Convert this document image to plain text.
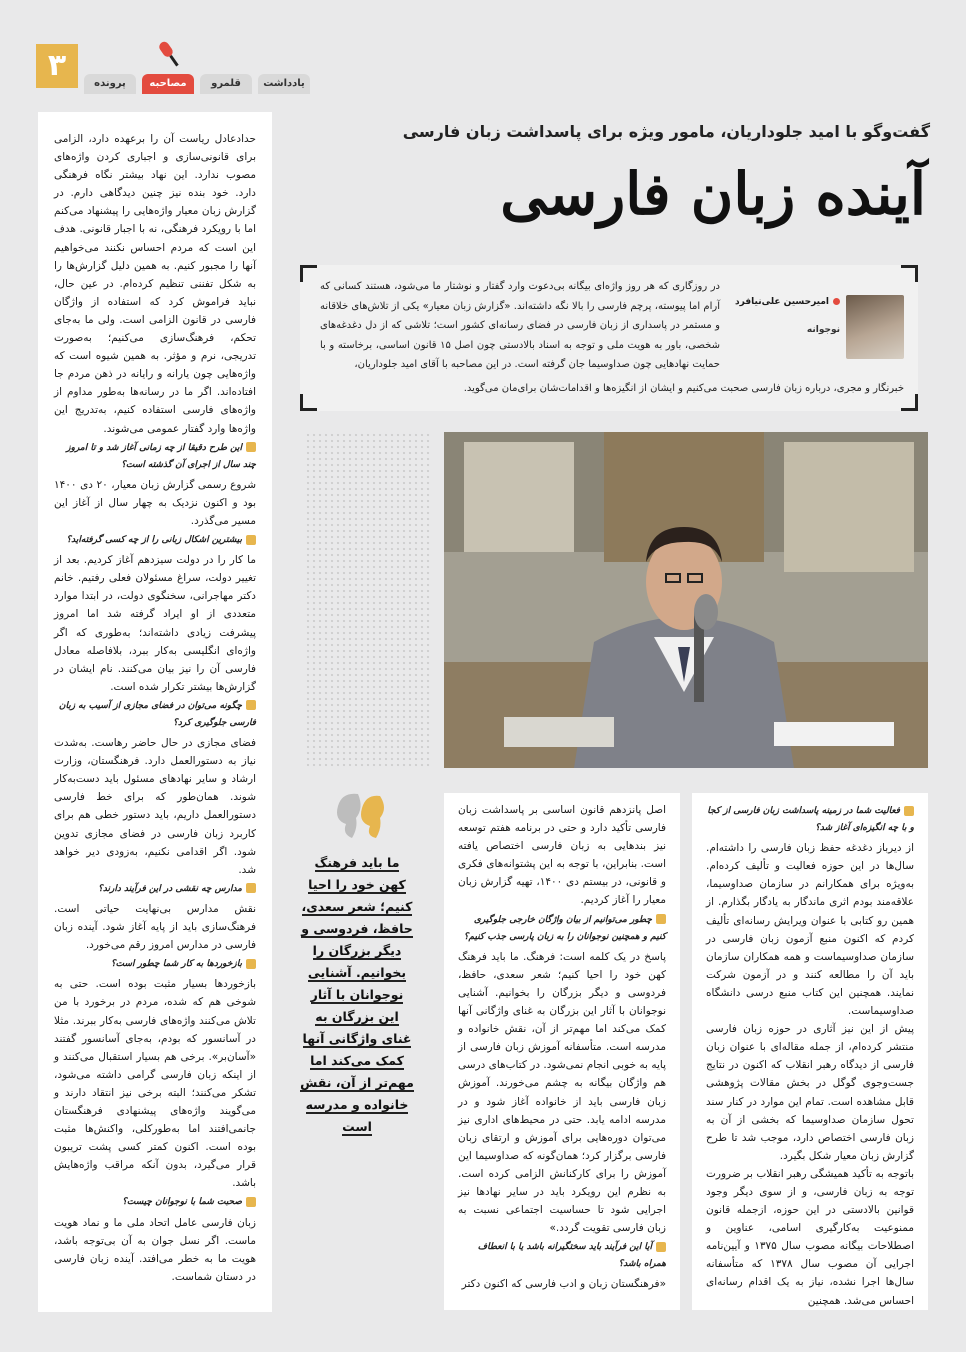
۳
یادداشت
قلمرو
مصاحبه
پرونده

حدادعادل ریاست آن را برعهده دارد، الزامی برای قانونی‌سازی و اجباری کردن واژه‌های مصوب ندارد. این نهاد بیشتر نگاه فرهنگی دارد. خود بنده نیز چنین دیدگاهی دارم. در گزارش زبان معیار واژه‌هایی را پیشنهاد می‌کنم اما با رویکرد فرهنگی، نه با اجبار قانونی. هدف این است که مردم احساس نکنند می‌خواهیم آنها را مجبور کنیم. به همین دلیل گزارش‌ها را به شکل تفننی تنظیم کرده‌ام. در عین حال، نباید فراموش کرد که استفاده از واژگان فارسی در قانون الزامی است. ولی ما به‌جای تحکم، فرهنگ‌سازی می‌کنیم؛ به‌صورت تدریجی، نرم و مؤثر. به همین شیوه است که واژه‌هایی چون یارانه و رایانه در ذهن مردم جا افتاده‌اند. اگر ما در رسانه‌ها به‌طور مداوم از واژه‌های فارسی استفاده کنیم، به‌تدریج این واژه‌ها وارد گفتار عمومی می‌شوند.

این طرح دقیقا از چه زمانی آغاز شد و تا امروز چند سال از اجرای آن گذشته است؟

شروع رسمی گزارش زبان معیار، ۲۰ دی ۱۴۰۰ بود و اکنون نزدیک به چهار سال از آغاز این مسیر می‌گذرد.

بیشترین اشکال زبانی را از چه کسی گرفته‌اید؟

ما کار را در دولت سیزدهم آغاز کردیم. بعد از تغییر دولت، سراغ مسئولان فعلی رفتیم. خانم دکتر مهاجرانی، سخنگوی دولت، در ابتدا موارد متعددی از او ایراد گرفته شد اما امروز پیشرفت زیادی داشته‌اند؛ به‌طوری که اگر واژه‌ای انگلیسی به‌کار ببرد، بلافاصله معادل فارسی آن را نیز بیان می‌کنند. نام ایشان در گزارش‌ها بیشتر تکرار شده است.

چگونه می‌توان در فضای مجازی از آسیب به زبان فارسی جلوگیری کرد؟

فضای مجازی در حال حاضر رهاست. به‌شدت نیاز به دستورالعمل دارد. فرهنگستان، وزارت ارشاد و سایر نهادهای مسئول باید دست‌به‌کار شوند. همان‌طور که برای خط فارسی دستورالعمل داریم، باید دستور خطی هم برای کاربرد زبان فارسی در فضای مجازی تدوین شود. اگر اقدامی نکنیم، به‌زودی دیر خواهد شد.

مدارس چه نقشی در این فرآیند دارند؟

نقش مدارس بی‌نهایت حیاتی است. فرهنگ‌سازی باید از پایه آغاز شود. آینده زبان فارسی در مدارس امروز رقم می‌خورد.

بازخوردها به کار شما چطور است؟

بازخوردها بسیار مثبت بوده است. حتی به شوخی هم که شده، مردم در برخورد با من تلاش می‌کنند واژه‌های فارسی به‌کار ببرند. مثلا در آسانسور که بودم، به‌جای آسانسور گفتند «آسان‌بر». برخی هم بسیار استقبال می‌کنند و از اینکه زبان فارسی گرامی داشته می‌شود، تشکر می‌کنند؛ البته برخی نیز انتقاد دارند و می‌گویند واژه‌های پیشنهادی فرهنگستان جانمی‌افتند اما به‌طورکلی، واکنش‌ها مثبت بوده است. اکنون کمتر کسی پشت تریبون قرار می‌گیرد، بدون آنکه مراقب واژه‌هایش باشد.

صحبت شما با نوجوانان چیست؟

زبان فارسی عامل اتحاد ملی ما و نماد هویت ماست. اگر نسل جوان به آن بی‌توجه باشد، هویت ما به خطر می‌افتد. آینده زبان فارسی در دستان شماست.

گفت‌وگو با امید جلوداریان، مامور ویژه برای پاسداشت زبان فارسی
آینده زبان فارسی
امیرحسین علی‌نیافرد
نوجوانه
در روزگاری که هر روز واژه‌ای بیگانه بی‌دعوت وارد گفتار و نوشتار ما می‌شود، هستند کسانی که آرام اما پیوسته، پرچم فارسی را بالا نگه داشته‌اند. «گزارش زبان معیار» یکی از تلاش‌های خلاقانه و مستمر در پاسداری از زبان فارسی در فضای رسانه‌ای کشور است؛ تلاشی که از دل دغدغه‌های شخصی، باور به هویت ملی و توجه به اسناد بالادستی چون اصل ۱۵ قانون اساسی، برخاسته و با حمایت نهادهایی چون صداوسیما جان گرفته است. در این مصاحبه با آقای امید جلوداریان،
خبرنگار و مجری، درباره زبان فارسی صحبت می‌کنیم و ایشان از انگیزه‌ها و اقدامات‌شان برای‌مان می‌گوید.
ما باید فرهنگ کهن خود را احیا کنیم؛ شعر سعدی، حافظ، فردوسی و دیگر بزرگان را بخوانیم. آشنایی نوجوانان با آثار این بزرگان به غنای واژگانی آنها کمک می‌کند اما مهم‌تر از آن، نقش خانواده و مدرسه است

فعالیت شما در زمینه پاسداشت زبان فارسی از کجا و با چه انگیزه‌ای آغاز شد؟

از دیرباز دغدغه حفظ زبان فارسی را داشته‌ام. سال‌ها در این حوزه فعالیت و تألیف کرده‌ام. به‌ویژه برای همکارانم در سازمان صداوسیما، علاقه‌مند بودم اثری ماندگار به یادگار بگذارم. از همین رو کتابی با عنوان ویرایش رسانه‌ای تألیف کردم که اکنون منبع آزمون زبان فارسی در سازمان صداوسیماست و همه همکاران سازمان باید آن را مطالعه کنند و در آزمون شرکت نمایند. همچنین این کتاب منبع درسی دانشگاه صداوسیماست.

پیش از این نیز آثاری در حوزه زبان فارسی منتشر کرده‌ام، از جمله مقاله‌ای با عنوان زبان فارسی از دیدگاه رهبر انقلاب که اکنون در نتایج جست‌وجوی گوگل در بخش مقالات پژوهشی قابل مشاهده است. تمام این موارد در کنار سند تحول سازمان صداوسیما که بخشی از آن به زبان فارسی اختصاص دارد، موجب شد تا طرح گزارش زبان معیار شکل بگیرد.

باتوجه به تأکید همیشگی رهبر انقلاب بر ضرورت توجه به زبان فارسی، و از سوی دیگر وجود قوانین بالادستی در این حوزه، ازجمله قانون ممنوعیت به‌کارگیری اسامی، عناوین و اصطلاحات بیگانه مصوب سال ۱۳۷۵ و آیین‌نامه اجرایی آن مصوب سال ۱۳۷۸ که متأسفانه سال‌ها اجرا نشده، نیاز به یک اقدام رسانه‌ای احساس می‌شد. همچنین

اصل پانزدهم قانون اساسی بر پاسداشت زبان فارسی تأکید دارد و حتی در برنامه هفتم توسعه نیز بندهایی به زبان فارسی اختصاص یافته است. بنابراین، با توجه به این پشتوانه‌های فکری و قانونی، در بیستم دی ۱۴۰۰، تهیه گزارش زبان معیار را آغاز کردیم.

چطور می‌توانیم از بیان واژگان خارجی جلوگیری کنیم و همچنین نوجوانان را به زبان پارسی جذب کنیم؟

پاسخ در یک کلمه است: فرهنگ. ما باید فرهنگ کهن خود را احیا کنیم؛ شعر سعدی، حافظ، فردوسی و دیگر بزرگان را بخوانیم. آشنایی نوجوانان با آثار این بزرگان به غنای واژگانی آنها کمک می‌کند اما مهم‌تر از آن، نقش خانواده و مدرسه است. متأسفانه آموزش زبان فارسی از پایه به خوبی انجام نمی‌شود. در کتاب‌های درسی هم واژگان بیگانه به چشم می‌خورند. آموزش زبان فارسی باید از خانواده آغاز شود و در مدرسه ادامه یابد. حتی در محیط‌های اداری نیز می‌توان دوره‌هایی برای آموزش و ارتقای زبان فارسی برگزار کرد؛ همان‌گونه که صداوسیما این آموزش را برای کارکنانش الزامی کرده است. به نظرم این رویکرد باید در سایر نهادها نیز اجرایی شود تا حساسیت اجتماعی نسبت به زبان فارسی تقویت گردد.»

آیا این فرآیند باید سختگیرانه باشد یا با انعطاف همراه باشد؟

«فرهنگستان زبان و ادب فارسی که اکنون دکتر
